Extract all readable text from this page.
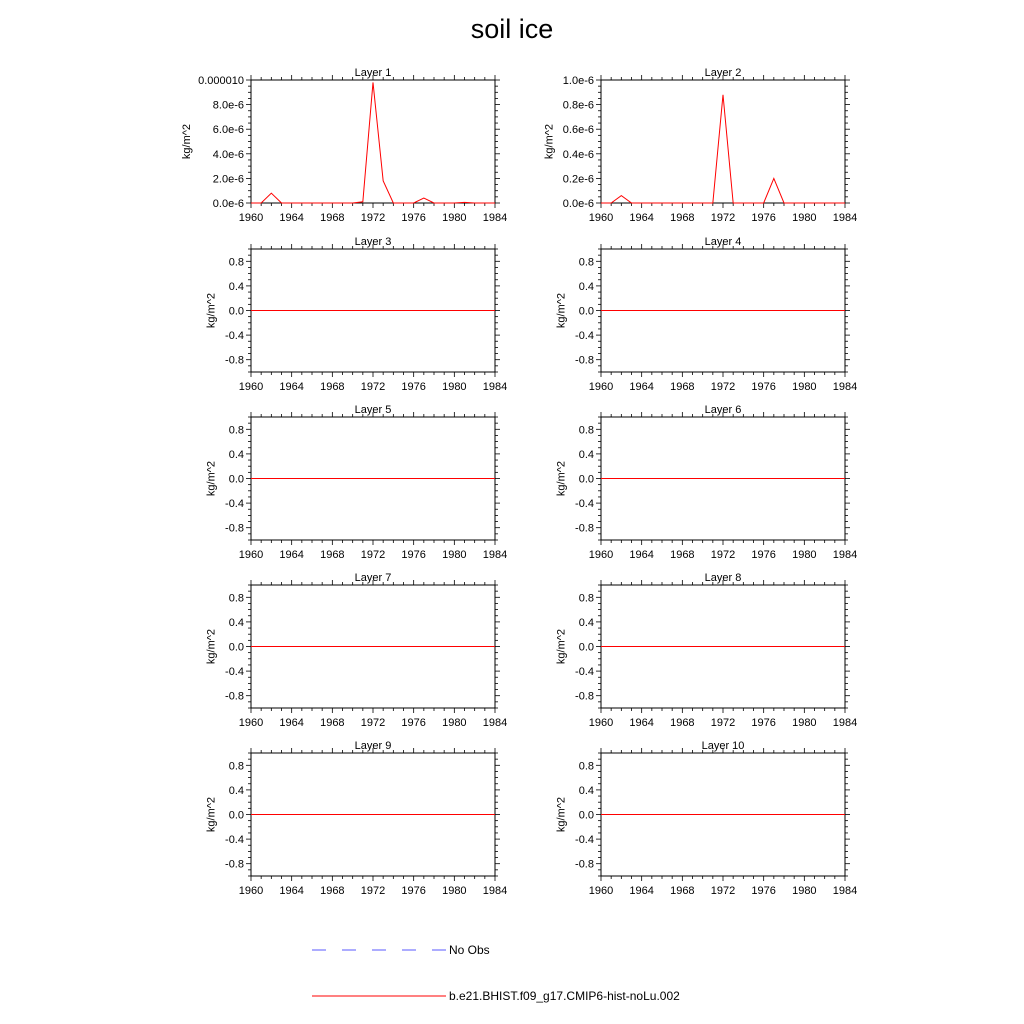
soil ice
Layer 1
1960 1964 1968 1972 1976 1980 1984
0.0e-6
2.0e-6
4.0e-6
6.0e-6
8.0e-6
0.000010
kg/m^2
Layer 2
1960 1964 1968 1972 1976 1980 1984
0.0e-6
0.2e-6
0.4e-6
0.6e-6
0.8e-6
1.0e-6
kg/m^2
Layer 3
1960 1964 1968 1972 1976 1980 1984
-0.8
-0.4
0.0
0.4
0.8
kg/m^2
Layer 4
1960 1964 1968 1972 1976 1980 1984
-0.8
-0.4
0.0
0.4
0.8
kg/m^2
Layer 5
1960 1964 1968 1972 1976 1980 1984
-0.8
-0.4
0.0
0.4
0.8
kg/m^2
Layer 6
1960 1964 1968 1972 1976 1980 1984
-0.8
-0.4
0.0
0.4
0.8
kg/m^2
Layer 7
1960 1964 1968 1972 1976 1980 1984
-0.8
-0.4
0.0
0.4
0.8
kg/m^2
Layer 8
1960 1964 1968 1972 1976 1980 1984
-0.8
-0.4
0.0
0.4
0.8
kg/m^2
Layer 9
1960 1964 1968 1972 1976 1980 1984
-0.8
-0.4
0.0
0.4
0.8
kg/m^2
Layer 10
1960 1964 1968 1972 1976 1980 1984
-0.8
-0.4
0.0
0.4
0.8
kg/m^2
No Obs
b.e21.BHIST.f09_g17.CMIP6-hist-noLu.002
